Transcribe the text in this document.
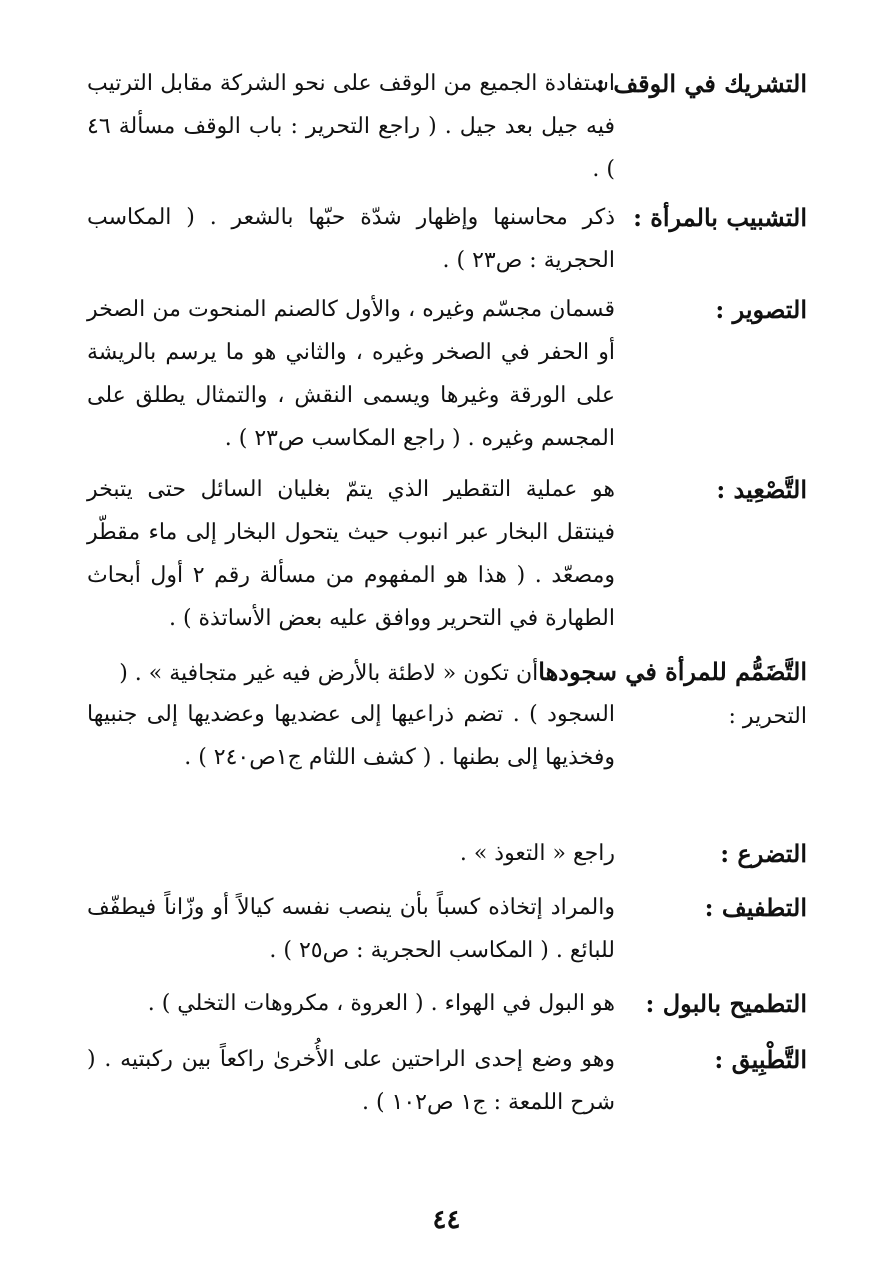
التشريك في الوقف :
استفادة الجميع من الوقف على نحو الشركة مقابل الترتيب فيه جيل بعد جيل . ( راجع التحرير : باب الوقف مسألة ٤٦ ) .
التشبيب بالمرأة :
ذكر محاسنها وإظهار شدّة حبّها بالشعر . ( المكاسب الحجرية : ص٢٣ ) .
التصوير :
قسمان مجسّم وغيره ، والأول كالصنم المنحوت من الصخر أو الحفر في الصخر وغيره ، والثاني هو ما يرسم بالريشة على الورقة وغيرها ويسمى النقش ، والتمثال يطلق على المجسم وغيره . ( راجع المكاسب ص٢٣ ) .
التَّصْعِيد :
هو عملية التقطير الذي يتمّ بغليان السائل حتى يتبخر فينتقل البخار عبر انبوب حيث يتحول البخار إلى ماء مقطّر ومصعّد . ( هذا هو المفهوم من مسألة رقم ٢ أول أبحاث الطهارة في التحرير ووافق عليه بعض الأساتذة ) .
التَّضَمُّم للمرأة في سجودهاأن تكون « لاطئة بالأرض فيه غير متجافية » . ( التحرير :
السجود ) . تضم ذراعيها إلى عضديها وعضديها إلى جنبيها وفخذيها إلى بطنها . ( كشف اللثام ج١ص٢٤٠ ) .
التضرع :
راجع « التعوذ » .
التطفيف :
والمراد إتخاذه كسباً بأن ينصب نفسه كيالاً أو وزّاناً فيطفّف للبائع . ( المكاسب الحجرية : ص٢٥ ) .
التطميح بالبول :
هو البول في الهواء . ( العروة ، مكروهات التخلي ) .
التَّطْبِيق :
وهو وضع إحدى الراحتين على الأُخرىٰ راكعاً بين ركبتيه . ( شرح اللمعة : ج١ ص١٠٢ ) .
٤٤
